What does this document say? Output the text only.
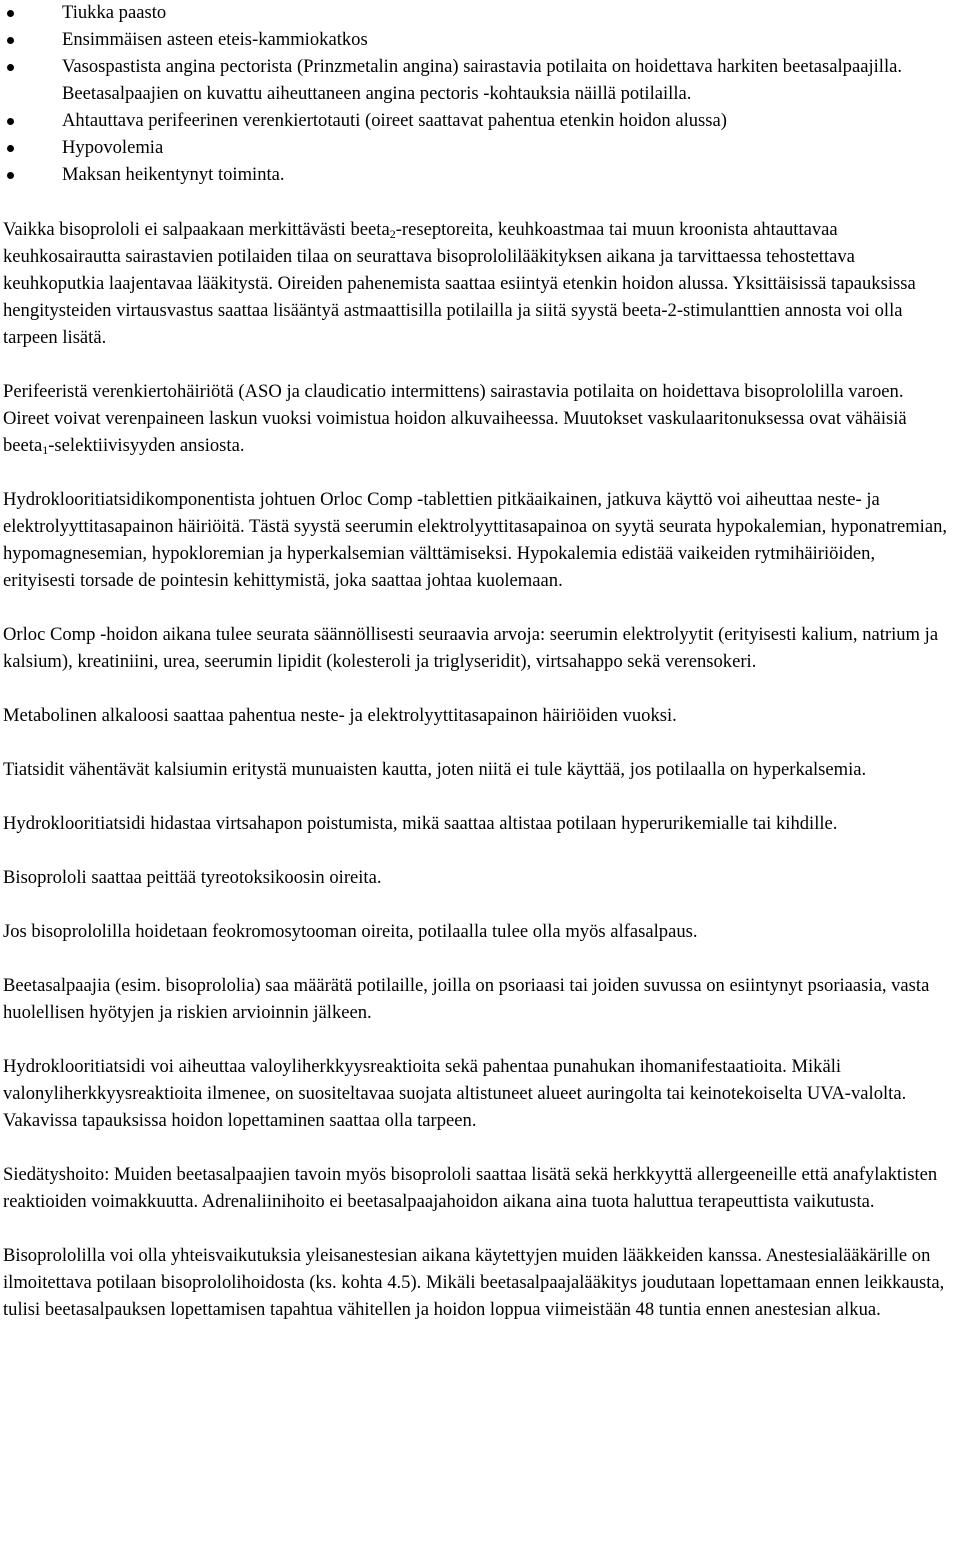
Tiukka paasto
Ensimmäisen asteen eteis-kammiokatkos
Vasospastista angina pectorista (Prinzmetalin angina) sairastavia potilaita on hoidettava harkiten beetasalpaajilla. Beetasalpaajien on kuvattu aiheuttaneen angina pectoris -kohtauksia näillä potilailla.
Ahtauttava perifeerinen verenkiertotauti (oireet saattavat pahentua etenkin hoidon alussa)
Hypovolemia
Maksan heikentynyt toiminta.

Vaikka bisoprololi ei salpaakaan merkittävästi beeta$_2$-reseptoreita, keuhkoastmaa tai muun kroonista ahtauttavaa keuhkosairautta sairastavien potilaiden tilaa on seurattava bisoprololilääkityksen aikana ja tarvittaessa tehostettava keuhkoputkia laajentavaa lääkitystä. Oireiden pahenemista saattaa esiintyä etenkin hoidon alussa. Yksittäisissä tapauksissa hengitysteiden virtausvastus saattaa lisääntyä astmaattisilla potilailla ja siitä syystä beeta-2-stimulanttien annosta voi olla tarpeen lisätä.

Perifeeristä verenkiertohäiriötä (ASO ja claudicatio intermittens) sairastavia potilaita on hoidettava bisoprololilla varoen. Oireet voivat verenpaineen laskun vuoksi voimistua hoidon alkuvaiheessa. Muutokset vaskulaaritonuksessa ovat vähäisiä beeta$_1$-selektiivisyyden ansiosta.

Hydroklooritiatsidikomponentista johtuen Orloc Comp -tablettien pitkäaikainen, jatkuva käyttö voi aiheuttaa neste- ja elektrolyyttitasapainon häiriöitä. Tästä syystä seerumin elektrolyyttitasapainoa on syytä seurata hypokalemian, hyponatremian, hypomagnesemian, hypokloremian ja hyperkalsemian välttämiseksi. Hypokalemia edistää vaikeiden rytmihäiriöiden, erityisesti torsade de pointesin kehittymistä, joka saattaa johtaa kuolemaan.

Orloc Comp -hoidon aikana tulee seurata säännöllisesti seuraavia arvoja: seerumin elektrolyytit (erityisesti kalium, natrium ja kalsium), kreatiniini, urea, seerumin lipidit (kolesteroli ja triglyseridit), virtsahappo sekä verensokeri.

Metabolinen alkaloosi saattaa pahentua neste- ja elektrolyyttitasapainon häiriöiden vuoksi.

Tiatsidit vähentävät kalsiumin eritystä munuaisten kautta, joten niitä ei tule käyttää, jos potilaalla on hyperkalsemia.

Hydroklooritiatsidi hidastaa virtsahapon poistumista, mikä saattaa altistaa potilaan hyperurikemialle tai kihdille.

Bisoprololi saattaa peittää tyreotoksikoosin oireita.

Jos bisoprololilla hoidetaan feokromosytooman oireita, potilaalla tulee olla myös alfasalpaus.

Beetasalpaajia (esim. bisoprololia) saa määrätä potilaille, joilla on psoriaasi tai joiden suvussa on esiintynyt psoriaasia, vasta huolellisen hyötyjen ja riskien arvioinnin jälkeen.

Hydroklooritiatsidi voi aiheuttaa valoyliherkkyysreaktioita sekä pahentaa punahukan ihomanifestaatioita. Mikäli valonyliherkkyysreaktioita ilmenee, on suositeltavaa suojata altistuneet alueet auringolta tai keinotekoiselta UVA-valolta. Vakavissa tapauksissa hoidon lopettaminen saattaa olla tarpeen.

Siedätyshoito: Muiden beetasalpaajien tavoin myös bisoprololi saattaa lisätä sekä herkkyyttä allergeeneille että anafylaktisten reaktioiden voimakkuutta. Adrenaliinihoito ei beetasalpaajahoidon aikana aina tuota haluttua terapeuttista vaikutusta.

Bisoprololilla voi olla yhteisvaikutuksia yleisanestesian aikana käytettyjen muiden lääkkeiden kanssa. Anestesialääkärille on ilmoitettava potilaan bisoprololihoidosta (ks. kohta 4.5). Mikäli beetasalpaajalääkitys joudutaan lopettamaan ennen leikkausta, tulisi beetasalpauksen lopettamisen tapahtua vähitellen ja hoidon loppua viimeistään 48 tuntia ennen anestesian alkua.
